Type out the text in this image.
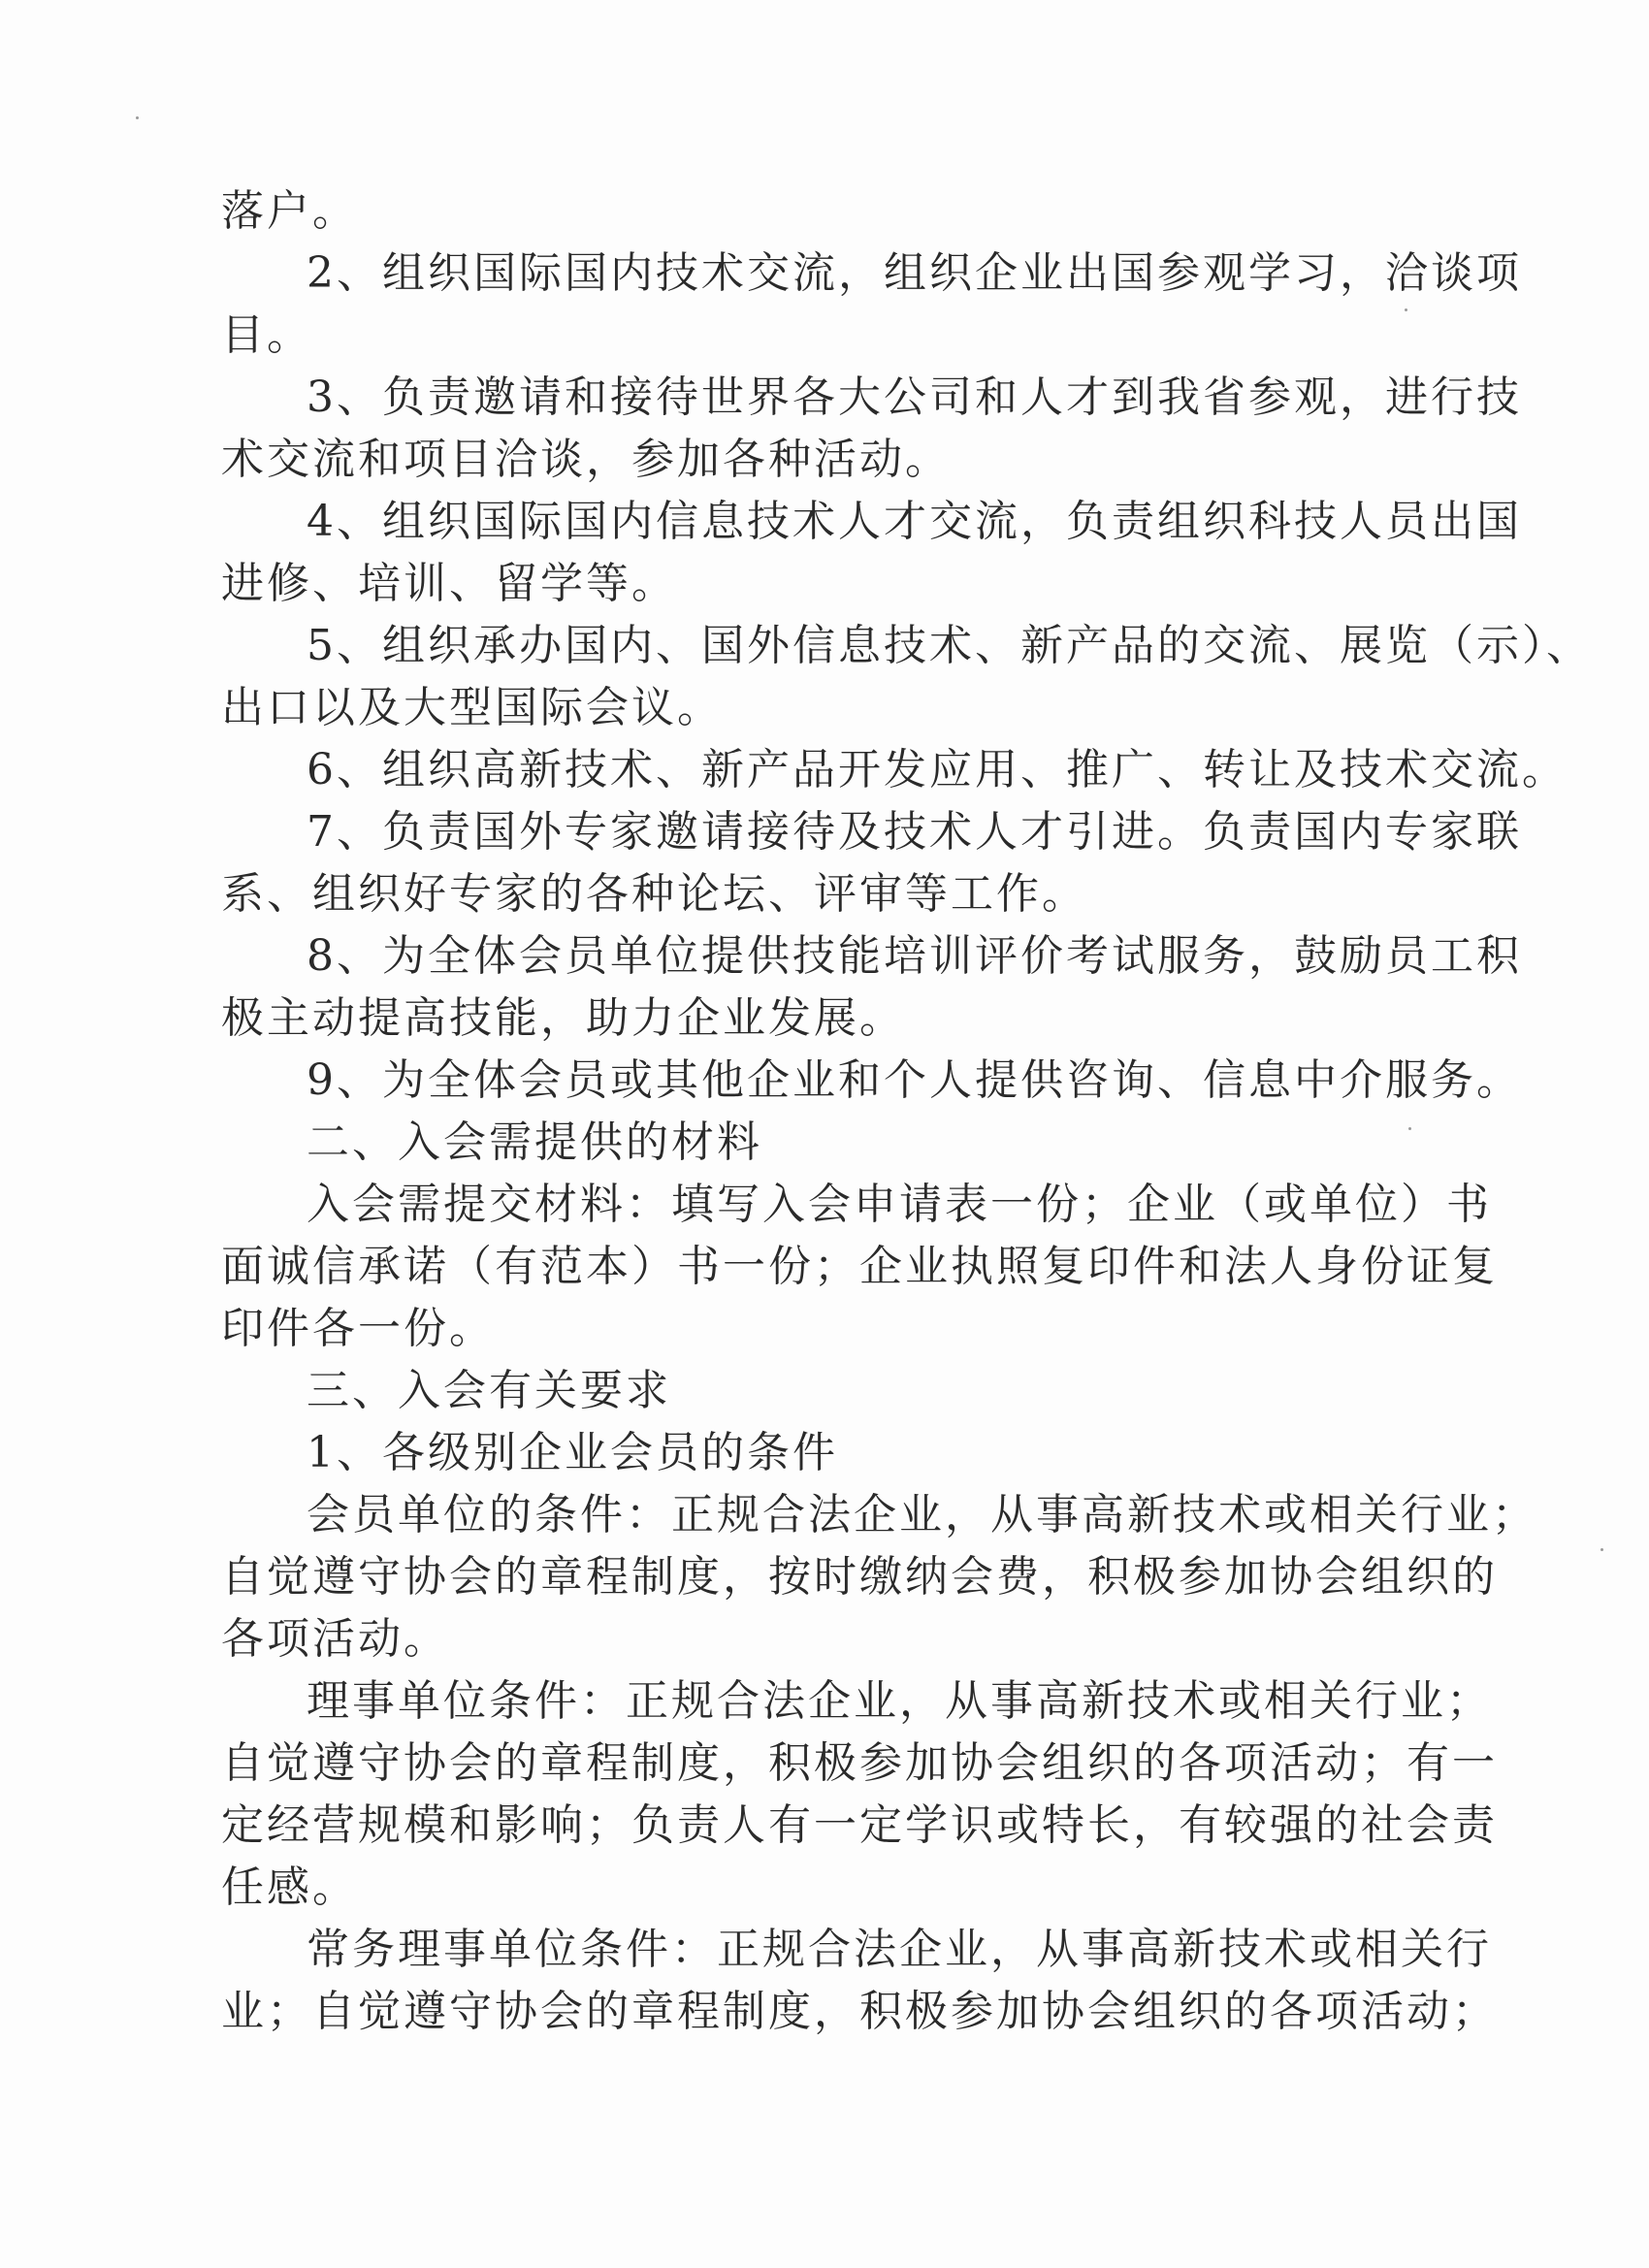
落户。
2、组织国际国内技术交流，组织企业出国参观学习，洽谈项
目。
3、负责邀请和接待世界各大公司和人才到我省参观，进行技
术交流和项目洽谈，参加各种活动。
4、组织国际国内信息技术人才交流，负责组织科技人员出国
进修、培训、留学等。
5、组织承办国内、国外信息技术、新产品的交流、展览（示）、
出口以及大型国际会议。
6、组织高新技术、新产品开发应用、推广、转让及技术交流。
7、负责国外专家邀请接待及技术人才引进。负责国内专家联
系、组织好专家的各种论坛、评审等工作。
8、为全体会员单位提供技能培训评价考试服务，鼓励员工积
极主动提高技能，助力企业发展。
9、为全体会员或其他企业和个人提供咨询、信息中介服务。
二、入会需提供的材料
入会需提交材料：填写入会申请表一份；企业（或单位）书
面诚信承诺（有范本）书一份；企业执照复印件和法人身份证复
印件各一份。
三、入会有关要求
1、各级别企业会员的条件
会员单位的条件：正规合法企业，从事高新技术或相关行业；
自觉遵守协会的章程制度，按时缴纳会费，积极参加协会组织的
各项活动。
理事单位条件：正规合法企业，从事高新技术或相关行业；
自觉遵守协会的章程制度，积极参加协会组织的各项活动；有一
定经营规模和影响；负责人有一定学识或特长，有较强的社会责
任感。
常务理事单位条件：正规合法企业，从事高新技术或相关行
业；自觉遵守协会的章程制度，积极参加协会组织的各项活动；
